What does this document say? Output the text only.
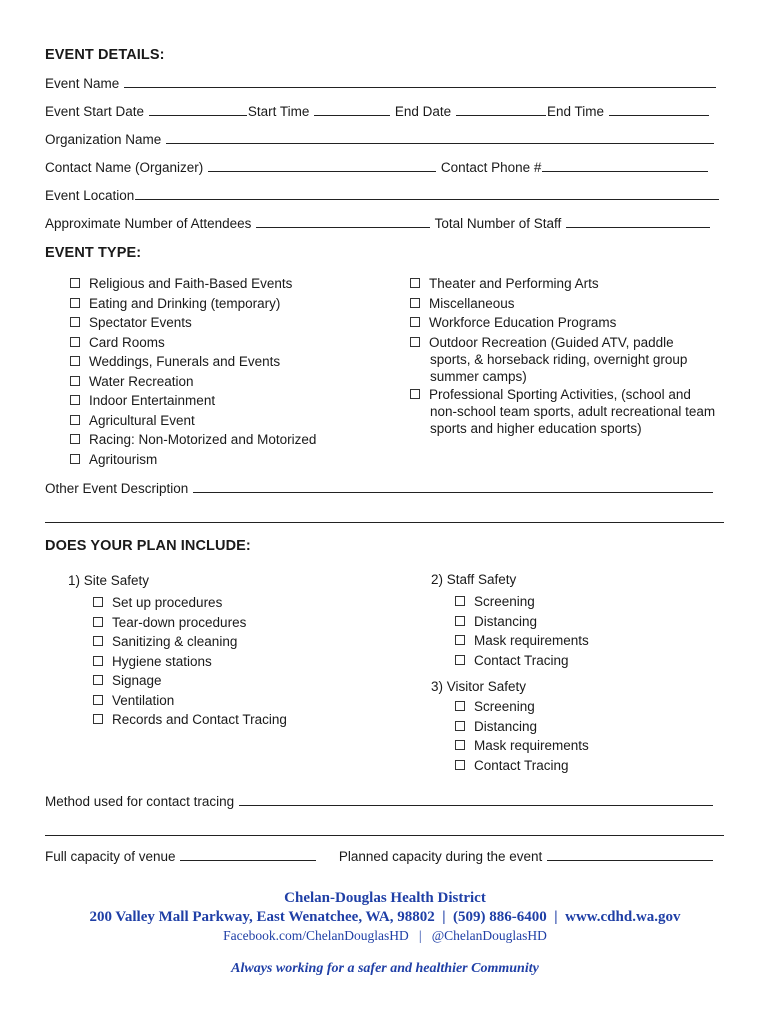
EVENT DETAILS:
Event Name
Event Start Date	Start Time	End Date	End Time
Organization Name
Contact Name (Organizer)	Contact Phone #
Event Location
Approximate Number of Attendees	Total Number of Staff
EVENT TYPE:
Religious and Faith-Based Events
Eating and Drinking (temporary)
Spectator Events
Card Rooms
Weddings, Funerals and Events
Water Recreation
Indoor Entertainment
Agricultural Event
Racing: Non-Motorized and Motorized
Agritourism
Theater and Performing Arts
Miscellaneous
Workforce Education Programs
Outdoor Recreation (Guided ATV, paddle
sports, & horseback riding, overnight group
summer camps)
Professional Sporting Activities, (school and
non-school team sports, adult recreational team
sports and higher education sports)
Other Event Description
DOES YOUR PLAN INCLUDE:
1) Site Safety
Set up procedures
Tear-down procedures
Sanitizing & cleaning
Hygiene stations
Signage
Ventilation
Records and Contact Tracing
2) Staff Safety
Screening
Distancing
Mask requirements
Contact Tracing
3) Visitor Safety
Screening
Distancing
Mask requirements
Contact Tracing
Method used for contact tracing
Full capacity of venue	Planned capacity during the event
Chelan-Douglas Health District
200 Valley Mall Parkway, East Wenatchee, WA, 98802 | (509) 886-6400 | www.cdhd.wa.gov
Facebook.com/ChelanDouglasHD | @ChelanDouglasHD
Always working for a safer and healthier Community
